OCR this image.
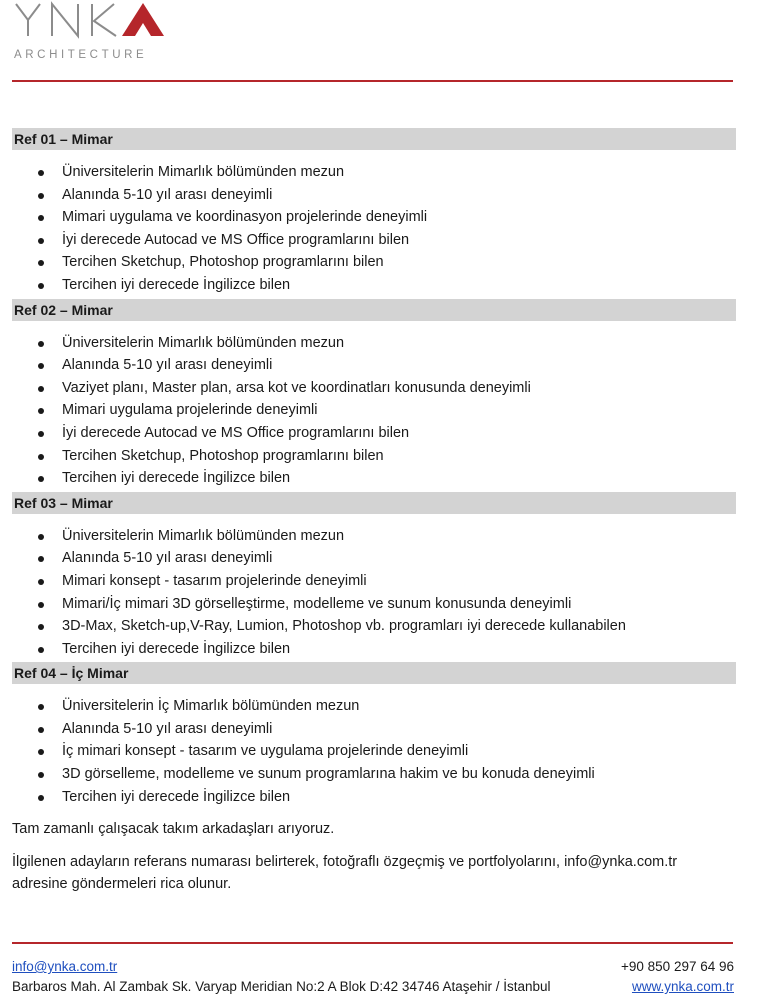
ARCHITECTURE
Ref 01 – Mimar
Üniversitelerin Mimarlık bölümünden mezun
Alanında 5-10 yıl arası deneyimli
Mimari uygulama ve koordinasyon projelerinde deneyimli
İyi derecede Autocad ve MS Office programlarını bilen
Tercihen Sketchup, Photoshop programlarını bilen
Tercihen iyi derecede İngilizce bilen
Ref 02 – Mimar
Üniversitelerin Mimarlık bölümünden mezun
Alanında 5-10 yıl arası deneyimli
Vaziyet planı, Master plan, arsa kot ve koordinatları konusunda deneyimli
Mimari uygulama projelerinde deneyimli
İyi derecede Autocad ve MS Office programlarını bilen
Tercihen Sketchup, Photoshop programlarını bilen
Tercihen iyi derecede İngilizce bilen
Ref 03 – Mimar
Üniversitelerin Mimarlık bölümünden mezun
Alanında 5-10 yıl arası deneyimli
Mimari konsept - tasarım projelerinde deneyimli
Mimari/İç mimari 3D görselleştirme, modelleme ve sunum konusunda deneyimli
3D-Max, Sketch-up,V-Ray, Lumion, Photoshop vb. programları iyi derecede kullanabilen
Tercihen iyi derecede İngilizce bilen
Ref 04 – İç Mimar
Üniversitelerin İç Mimarlık bölümünden mezun
Alanında 5-10 yıl arası deneyimli
İç mimari konsept - tasarım ve uygulama projelerinde deneyimli
3D görselleme, modelleme ve sunum programlarına hakim ve bu konuda deneyimli
Tercihen iyi derecede İngilizce bilen
Tam zamanlı çalışacak takım arkadaşları arıyoruz.
İlgilenen adayların referans numarası belirterek, fotoğraflı özgeçmiş ve portfolyolarını, info@ynka.com.tr
adresine göndermeleri rica olunur.
info@ynka.com.tr	+90 850 297 64 96
Barbaros Mah. Al Zambak Sk. Varyap Meridian No:2 A Blok D:42 34746 Ataşehir / İstanbul	www.ynka.com.tr
